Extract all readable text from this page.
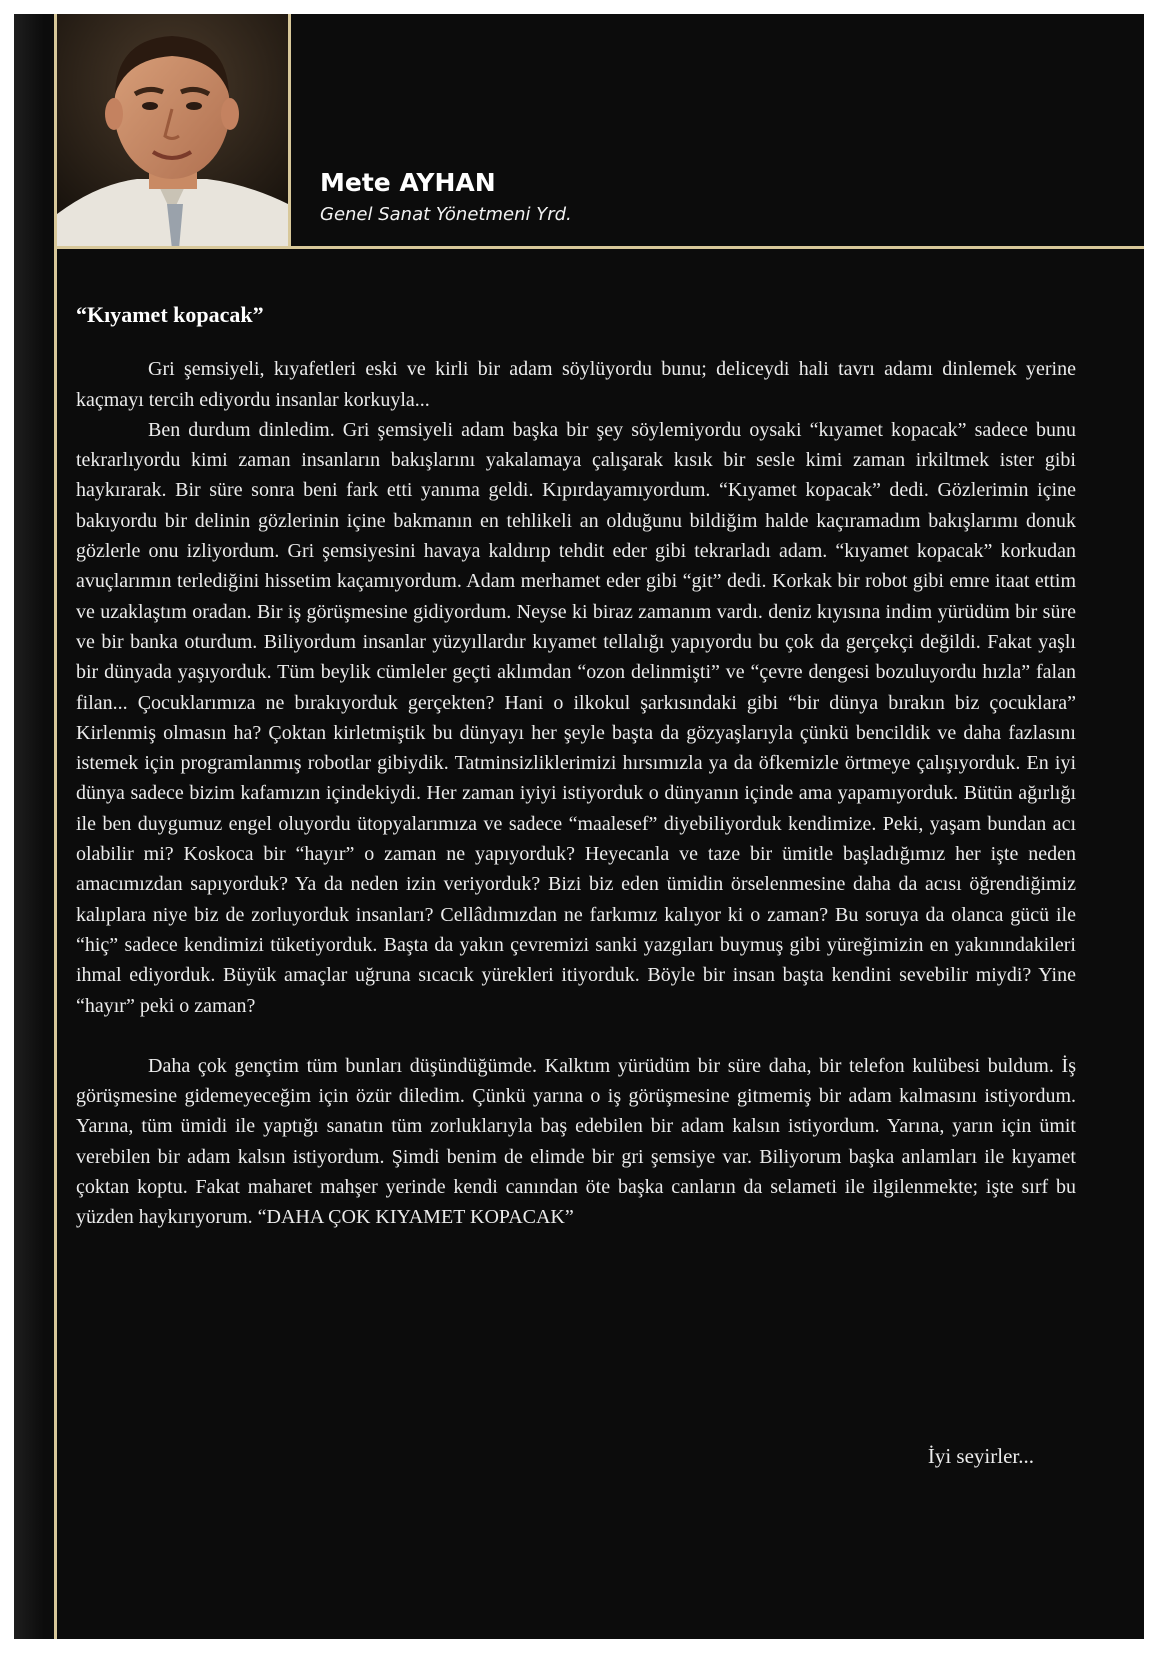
Mete AYHAN

Genel Sanat Yönetmeni Yrd.

“Kıyamet kopacak”

Gri şemsiyeli, kıyafetleri eski ve kirli bir adam söylüyordu bunu; deliceydi hali tavrı adamı dinlemek yerine kaçmayı tercih ediyordu insanlar korkuyla...

Ben durdum dinledim. Gri şemsiyeli adam başka bir şey söylemiyordu oysaki “kıyamet kopacak” sadece bunu tekrarlıyordu kimi zaman insanların bakışlarını yakalamaya çalışarak kısık bir sesle kimi zaman irkiltmek ister gibi haykırarak. Bir süre sonra beni fark etti yanıma geldi. Kıpırdayamıyordum. “Kıyamet kopacak” dedi. Gözlerimin içine bakıyordu bir delinin gözlerinin içine bakmanın en tehlikeli an olduğunu bildiğim halde kaçıramadım bakışlarımı donuk gözlerle onu izliyordum. Gri şemsiyesini havaya kaldırıp tehdit eder gibi tekrarladı adam. “kıyamet kopacak” korkudan avuçlarımın terlediğini hissetim kaçamıyordum. Adam merhamet eder gibi “git” dedi. Korkak bir robot gibi emre itaat ettim ve uzaklaştım oradan. Bir iş görüşmesine gidiyordum. Neyse ki biraz zamanım vardı. deniz kıyısına indim yürüdüm bir süre ve bir banka oturdum. Biliyordum insanlar yüzyıllardır kıyamet tellalığı yapıyordu bu çok da gerçekçi değildi. Fakat yaşlı bir dünyada yaşıyorduk. Tüm beylik cümleler geçti aklımdan “ozon delinmişti” ve “çevre dengesi bozuluyordu hızla” falan filan... Çocuklarımıza ne bırakıyorduk gerçekten? Hani o ilkokul şarkısındaki gibi “bir dünya bırakın biz çocuklara” Kirlenmiş olmasın ha? Çoktan kirletmiştik bu dünyayı her şeyle başta da gözyaşlarıyla çünkü bencildik ve daha fazlasını istemek için programlanmış robotlar gibiydik. Tatminsizliklerimizi hırsımızla ya da öfkemizle örtmeye çalışıyorduk. En iyi dünya sadece bizim kafamızın içindekiydi. Her zaman iyiyi istiyorduk o dünyanın içinde ama yapamıyorduk. Bütün ağırlığı ile ben duygumuz engel oluyordu ütopyalarımıza ve sadece “maalesef” diyebiliyorduk kendimize. Peki, yaşam bundan acı olabilir mi? Koskoca bir “hayır” o zaman ne yapıyorduk? Heyecanla ve taze bir ümitle başladığımız her işte neden amacımızdan sapıyorduk? Ya da neden izin veriyorduk? Bizi biz eden ümidin örselenmesine daha da acısı öğrendiğimiz kalıplara niye biz de zorluyorduk insanları? Cellâdımızdan ne farkımız kalıyor ki o zaman? Bu soruya da olanca gücü ile “hiç” sadece kendimizi tüketiyorduk. Başta da yakın çevremizi sanki yazgıları buymuş gibi yüreğimizin en yakınındakileri ihmal ediyorduk. Büyük amaçlar uğruna sıcacık yürekleri itiyorduk. Böyle bir insan başta kendini sevebilir miydi? Yine “hayır” peki o zaman?

Daha çok gençtim tüm bunları düşündüğümde. Kalktım yürüdüm bir süre daha, bir telefon kulübesi buldum. İş görüşmesine gidemeyeceğim için özür diledim. Çünkü yarına o iş görüşmesine gitmemiş bir adam kalmasını istiyordum. Yarına, tüm ümidi ile yaptığı sanatın tüm zorluklarıyla baş edebilen bir adam kalsın istiyordum. Yarına, yarın için ümit verebilen bir adam kalsın istiyordum. Şimdi benim de elimde bir gri şemsiye var. Biliyorum başka anlamları ile kıyamet çoktan koptu. Fakat maharet mahşer yerinde kendi canından öte başka canların da selameti ile ilgilenmekte; işte sırf bu yüzden haykırıyorum. “DAHA ÇOK KIYAMET KOPACAK”

İyi seyirler...
